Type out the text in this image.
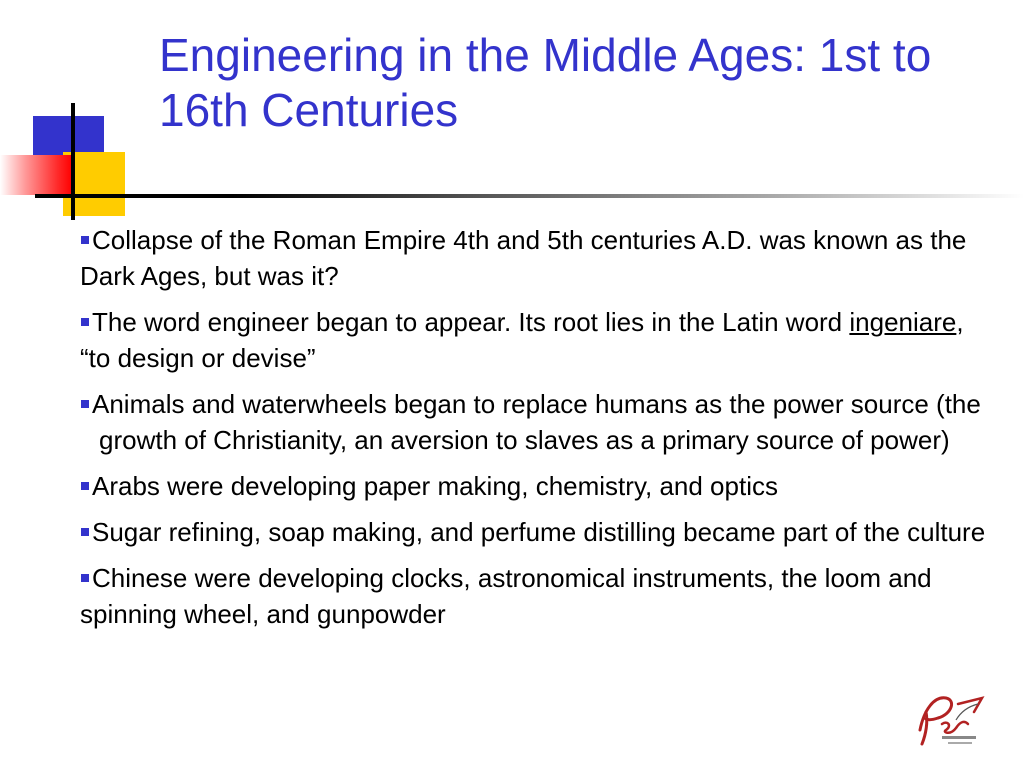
Engineering in the Middle Ages: 1st to 16th Centuries
Collapse of the Roman Empire 4th and 5th centuries A.D. was known as the Dark Ages, but was it?
The word engineer began to appear. Its root lies in the Latin word ingeniare, “to design or devise”
Animals and waterwheels began to replace humans as the power source (the growth of Christianity, an aversion to slaves as a primary source of power)
Arabs were developing paper making, chemistry, and optics
Sugar refining, soap making, and perfume distilling became part of the culture
Chinese were developing clocks, astronomical instruments, the loom and spinning wheel, and gunpowder
